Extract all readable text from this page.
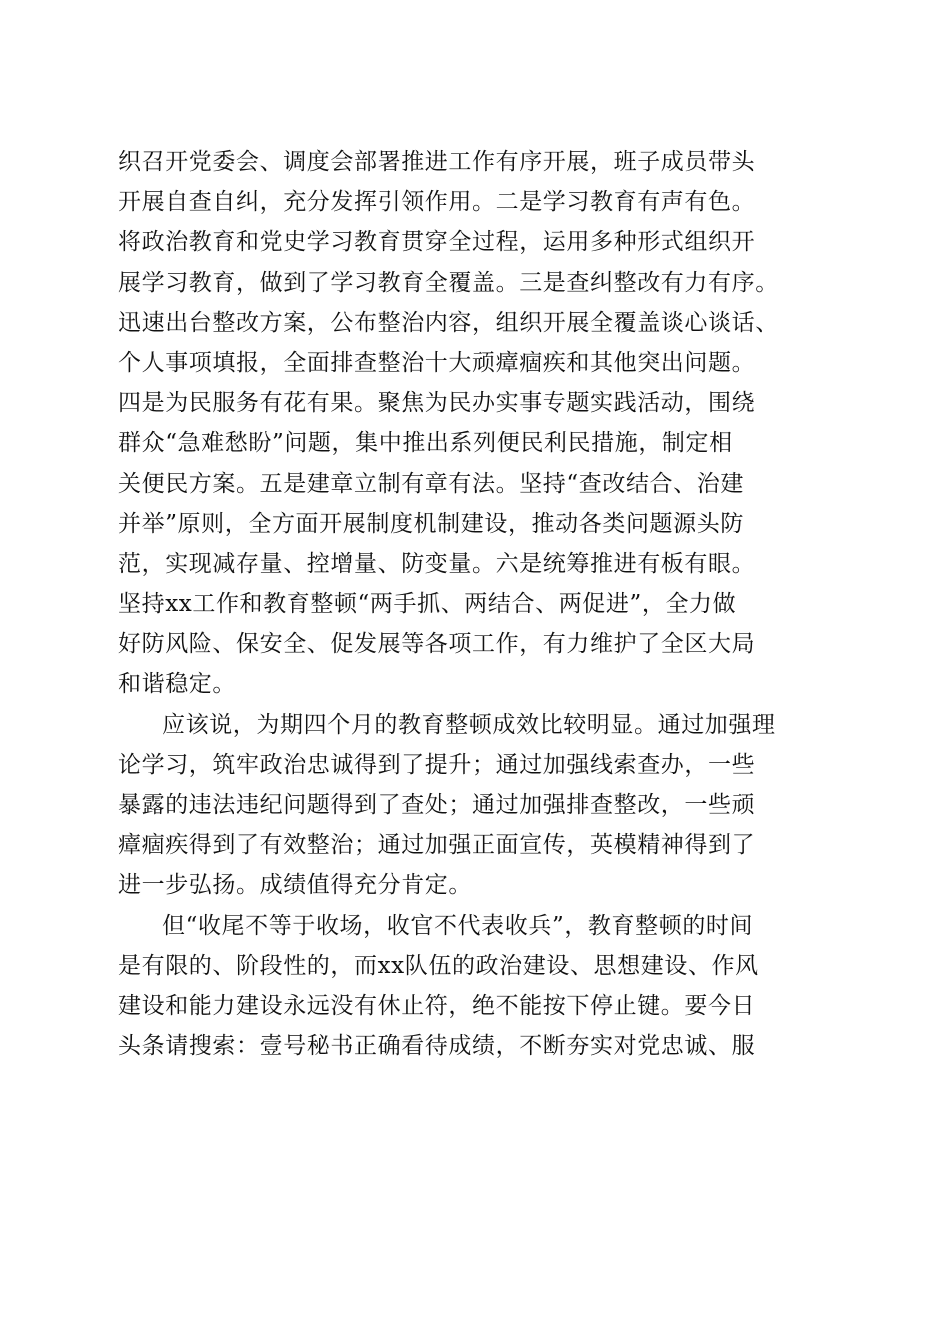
织召开党委会、调度会部署推进工作有序开展，班子成员带头
开展自查自纠，充分发挥引领作用。二是学习教育有声有色。
将政治教育和党史学习教育贯穿全过程，运用多种形式组织开
展学习教育，做到了学习教育全覆盖。三是查纠整改有力有序。
迅速出台整改方案，公布整治内容，组织开展全覆盖谈心谈话、
个人事项填报，全面排查整治十大顽瘴痼疾和其他突出问题。
四是为民服务有花有果。聚焦为民办实事专题实践活动，围绕
群众“急难愁盼”问题，集中推出系列便民利民措施，制定相
关便民方案。五是建章立制有章有法。坚持“查改结合、治建
并举”原则，全方面开展制度机制建设，推动各类问题源头防
范，实现减存量、控增量、防变量。六是统筹推进有板有眼。
坚持xx工作和教育整顿“两手抓、两结合、两促进”，全力做
好防风险、保安全、促发展等各项工作，有力维护了全区大局
和谐稳定。
应该说，为期四个月的教育整顿成效比较明显。通过加强理
论学习，筑牢政治忠诚得到了提升；通过加强线索查办，一些
暴露的违法违纪问题得到了查处；通过加强排查整改，一些顽
瘴痼疾得到了有效整治；通过加强正面宣传，英模精神得到了
进一步弘扬。成绩值得充分肯定。
但“收尾不等于收场，收官不代表收兵”，教育整顿的时间
是有限的、阶段性的，而xx队伍的政治建设、思想建设、作风
建设和能力建设永远没有休止符，绝不能按下停止键。要今日
头条请搜索：壹号秘书正确看待成绩，不断夯实对党忠诚、服
